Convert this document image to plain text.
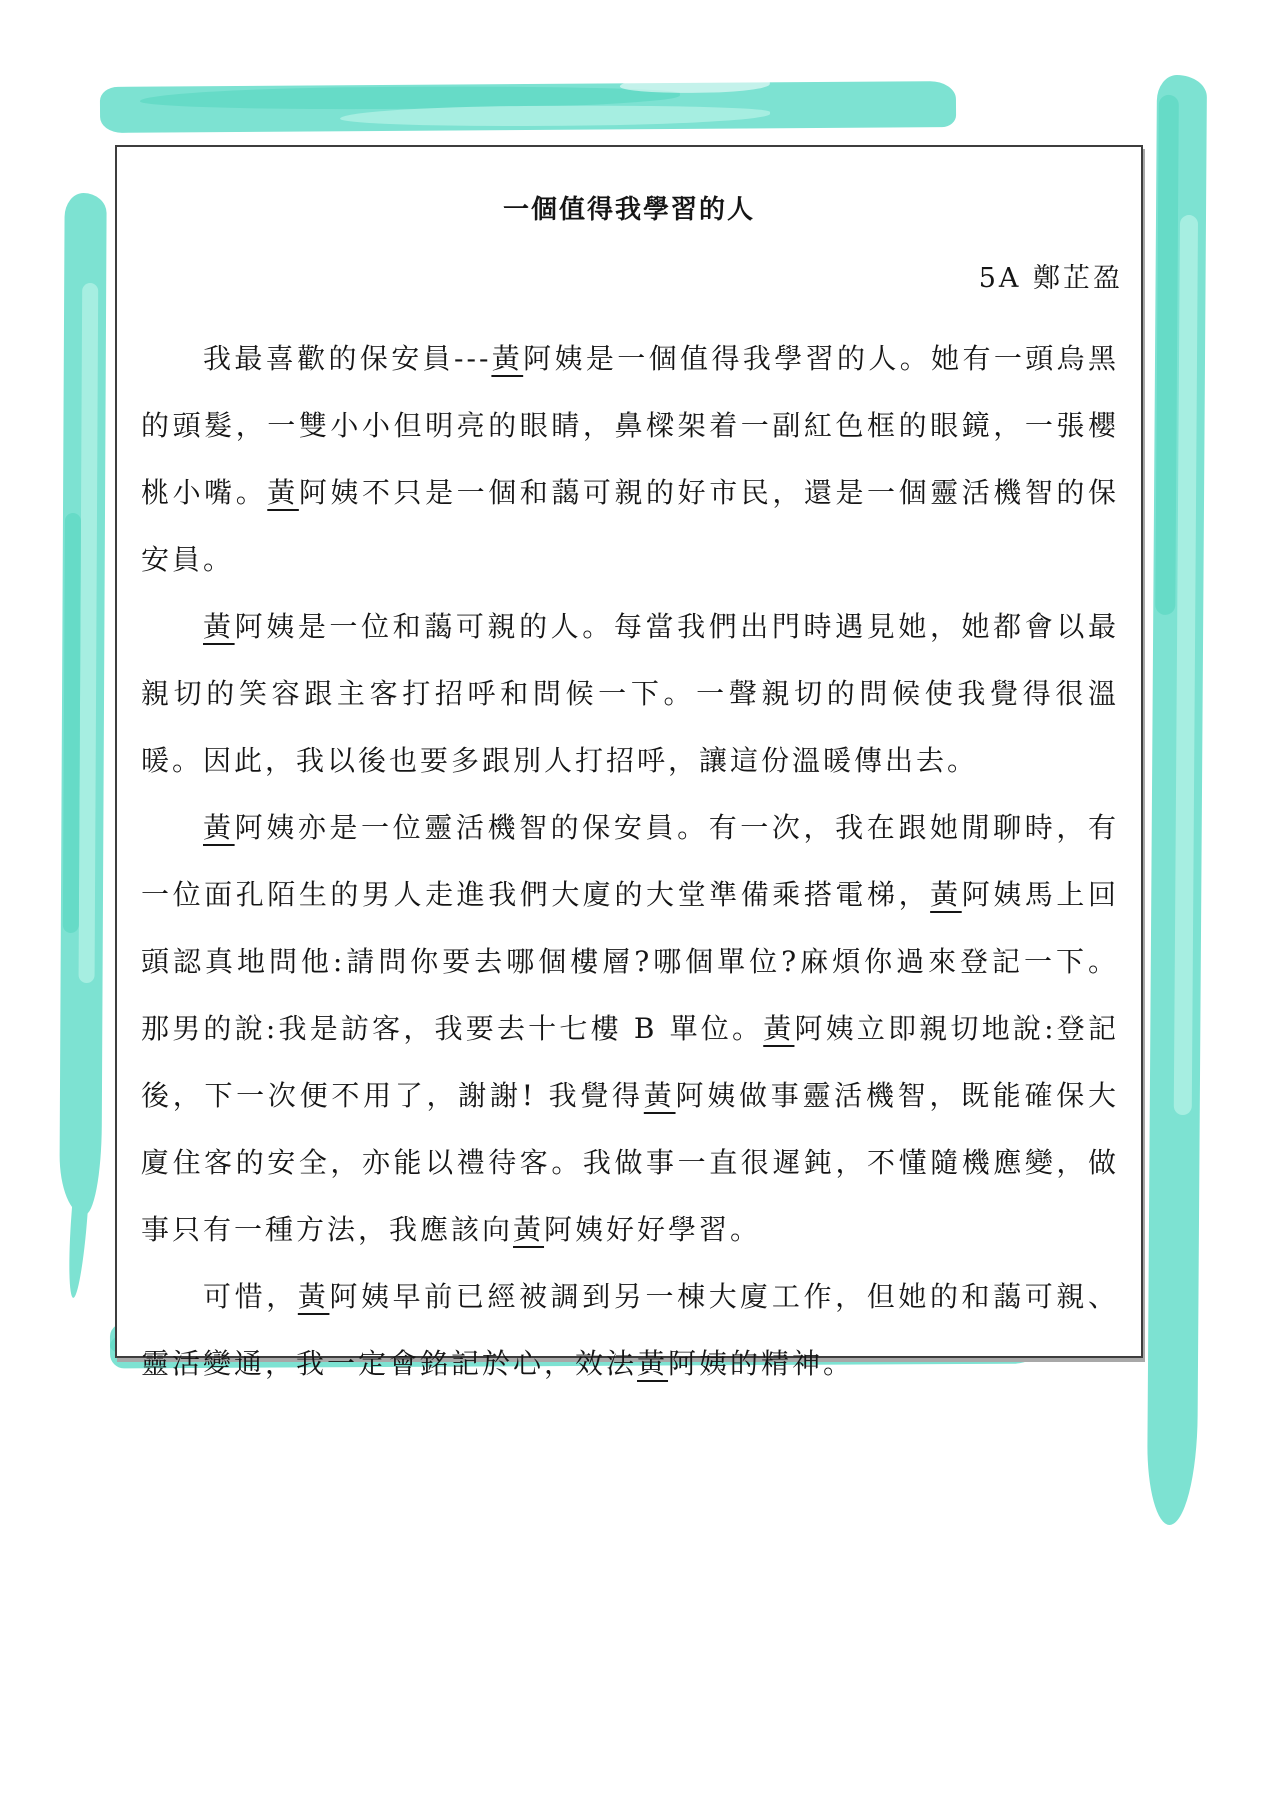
一個值得我學習的人
5A 鄭芷盈

我最喜歡的保安員---黃阿姨是一個值得我學習的人。她有一頭烏黑的頭髮，一雙小小但明亮的眼睛，鼻樑架着一副紅色框的眼鏡，一張櫻桃小嘴。黃阿姨不只是一個和藹可親的好市民，還是一個靈活機智的保安員。

黃阿姨是一位和藹可親的人。每當我們出門時遇見她，她都會以最親切的笑容跟主客打招呼和問候一下。一聲親切的問候使我覺得很溫暖。因此，我以後也要多跟別人打招呼，讓這份溫暖傳出去。

黃阿姨亦是一位靈活機智的保安員。有一次，我在跟她閒聊時，有一位面孔陌生的男人走進我們大廈的大堂準備乘搭電梯，黃阿姨馬上回頭認真地問他:請問你要去哪個樓層?哪個單位?麻煩你過來登記一下。那男的說:我是訪客，我要去十七樓 B 單位。黃阿姨立即親切地說:登記後，下一次便不用了，謝謝! 我覺得黃阿姨做事靈活機智，既能確保大廈住客的安全，亦能以禮待客。我做事一直很遲鈍，不懂隨機應變，做事只有一種方法，我應該向黃阿姨好好學習。

可惜，黃阿姨早前已經被調到另一棟大廈工作，但她的和藹可親、靈活變通，我一定會銘記於心，效法黃阿姨的精神。
